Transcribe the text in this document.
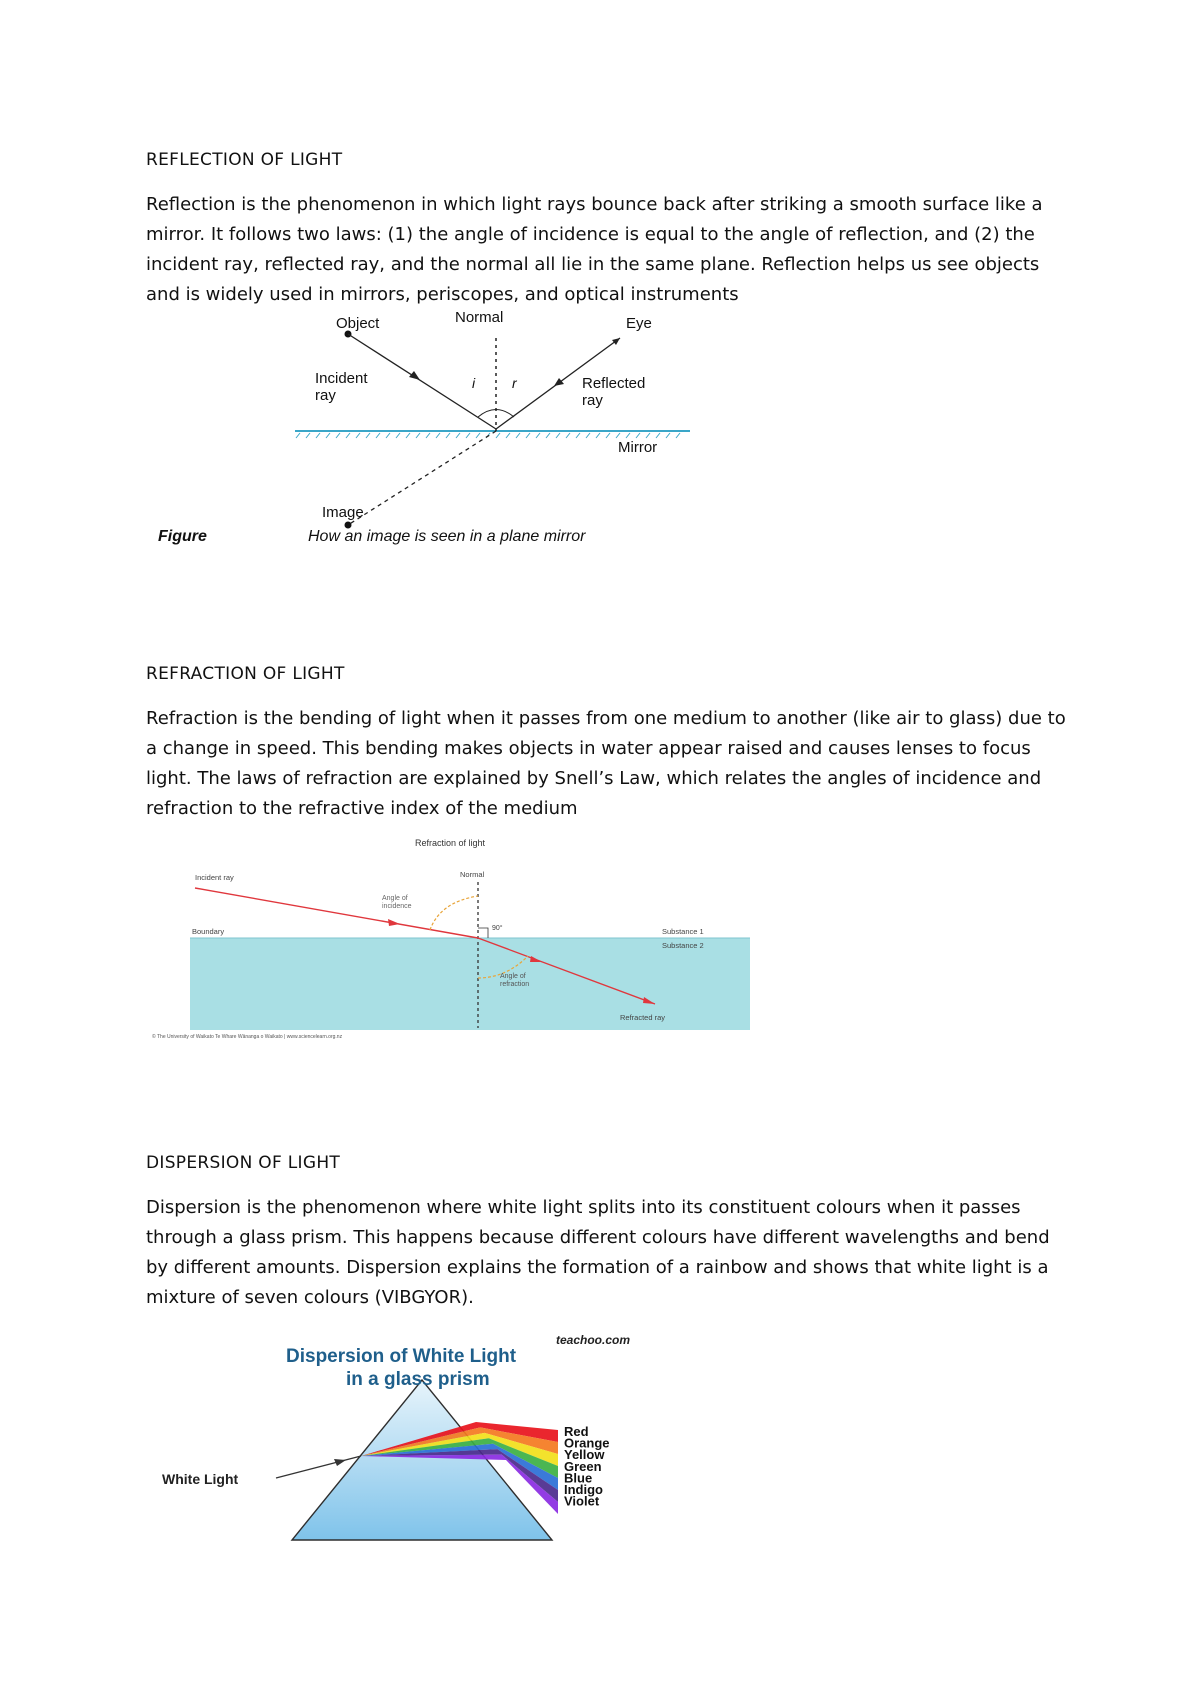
REFLECTION OF LIGHT

Reflection is the phenomenon in which light rays bounce back after striking a smooth surface like a mirror. It follows two laws: (1) the angle of incidence is equal to the angle of reflection, and (2) the incident ray, reflected ray, and the normal all lie in the same plane. Reflection helps us see objects and is widely used in mirrors, periscopes, and optical instruments

Object	Normal	Eye
Incident
ray
i	r	Reflected
ray
Mirror
Image
Figure	How an image is seen in a plane mirror
REFRACTION OF LIGHT

Refraction is the bending of light when it passes from one medium to another (like air to glass) due to a change in speed. This bending makes objects in water appear raised and causes lenses to focus light. The laws of refraction are explained by Snell’s Law, which relates the angles of incidence and refraction to the refractive index of the medium

Refraction of light
Incident ray	Normal
Angle of
incidence
Boundary	90°	Substance 1
Substance 2
Angle of
refraction
Refracted ray
© The University of Waikato Te Whare Wānanga o Waikato | www.sciencelearn.org.nz
DISPERSION OF LIGHT

Dispersion is the phenomenon where white light splits into its constituent colours when it passes through a glass prism. This happens because different colours have different wavelengths and bend by different amounts. Dispersion explains the formation of a rainbow and shows that white light is a mixture of seven colours (VIBGYOR).

teachoo.com
Dispersion of White Light
in a glass prism
White Light
Red
Orange
Yellow
Green
Blue
Indigo
Violet
